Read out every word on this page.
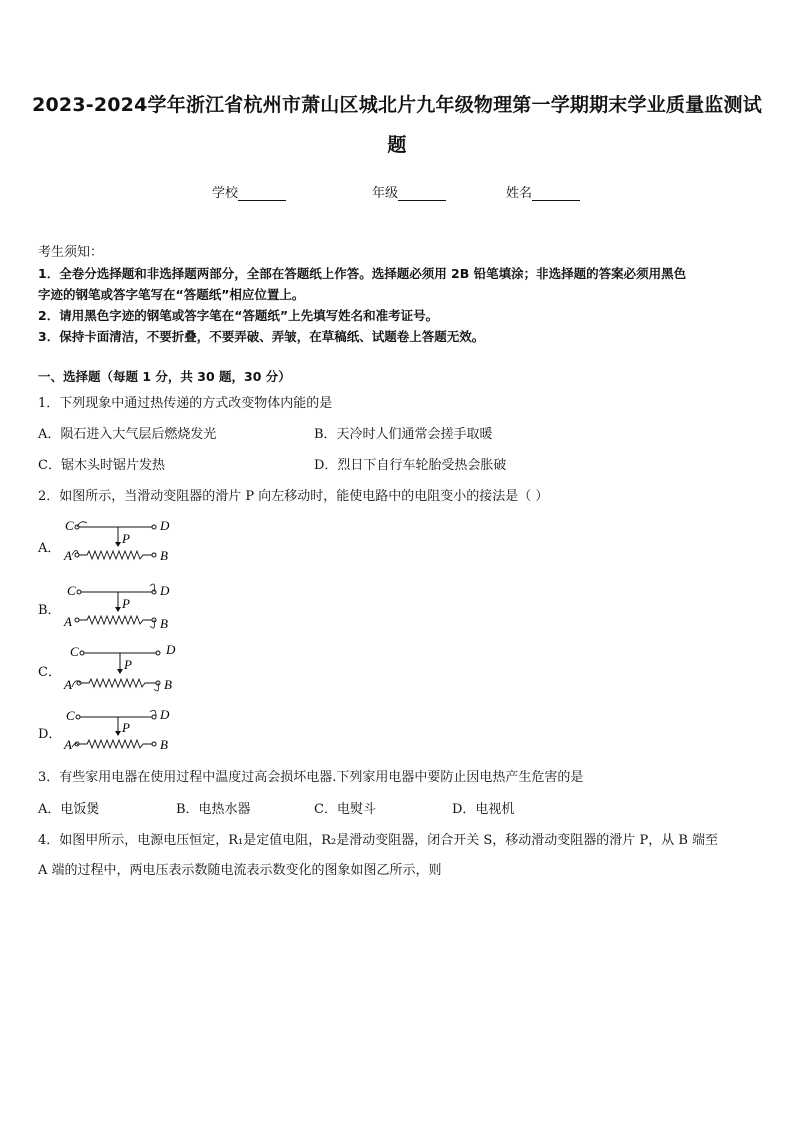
2023-2024学年浙江省杭州市萧山区城北片九年级物理第一学期期末学业质量监测试
题
学校	年级	姓名
考生须知：
1．全卷分选择题和非选择题两部分，全部在答题纸上作答。选择题必须用 2B 铅笔填涂；非选择题的答案必须用黑色
字迹的钢笔或答字笔写在“答题纸”相应位置上。
2．请用黑色字迹的钢笔或答字笔在“答题纸”上先填写姓名和准考证号。
3．保持卡面清洁，不要折叠，不要弄破、弄皱，在草稿纸、试题卷上答题无效。
一、选择题（每题 1 分，共 30 题，30 分）
1．下列现象中通过热传递的方式改变物体内能的是
A．陨石进入大气层后燃烧发光	B．天冷时人们通常会搓手取暖
C．锯木头时锯片发热	D．烈日下自行车轮胎受热会胀破
2．如图所示，当滑动变阻器的滑片 P 向左移动时，能使电路中的电阻变小的接法是（ ）
A．
C	D
P
A	B
B．
C	D
P
A	B
C．
C	D
P
A	B
D．
C	D
P
A	B
3．有些家用电器在使用过程中温度过高会损坏电器.下列家用电器中要防止因电热产生危害的是
A．电饭煲	B．电热水器	C．电熨斗	D．电视机
4．如图甲所示，电源电压恒定，R₁是定值电阻，R₂是滑动变阻器，闭合开关 S，移动滑动变阻器的滑片 P，从 B 端至
A 端的过程中，两电压表示数随电流表示数变化的图象如图乙所示，则
